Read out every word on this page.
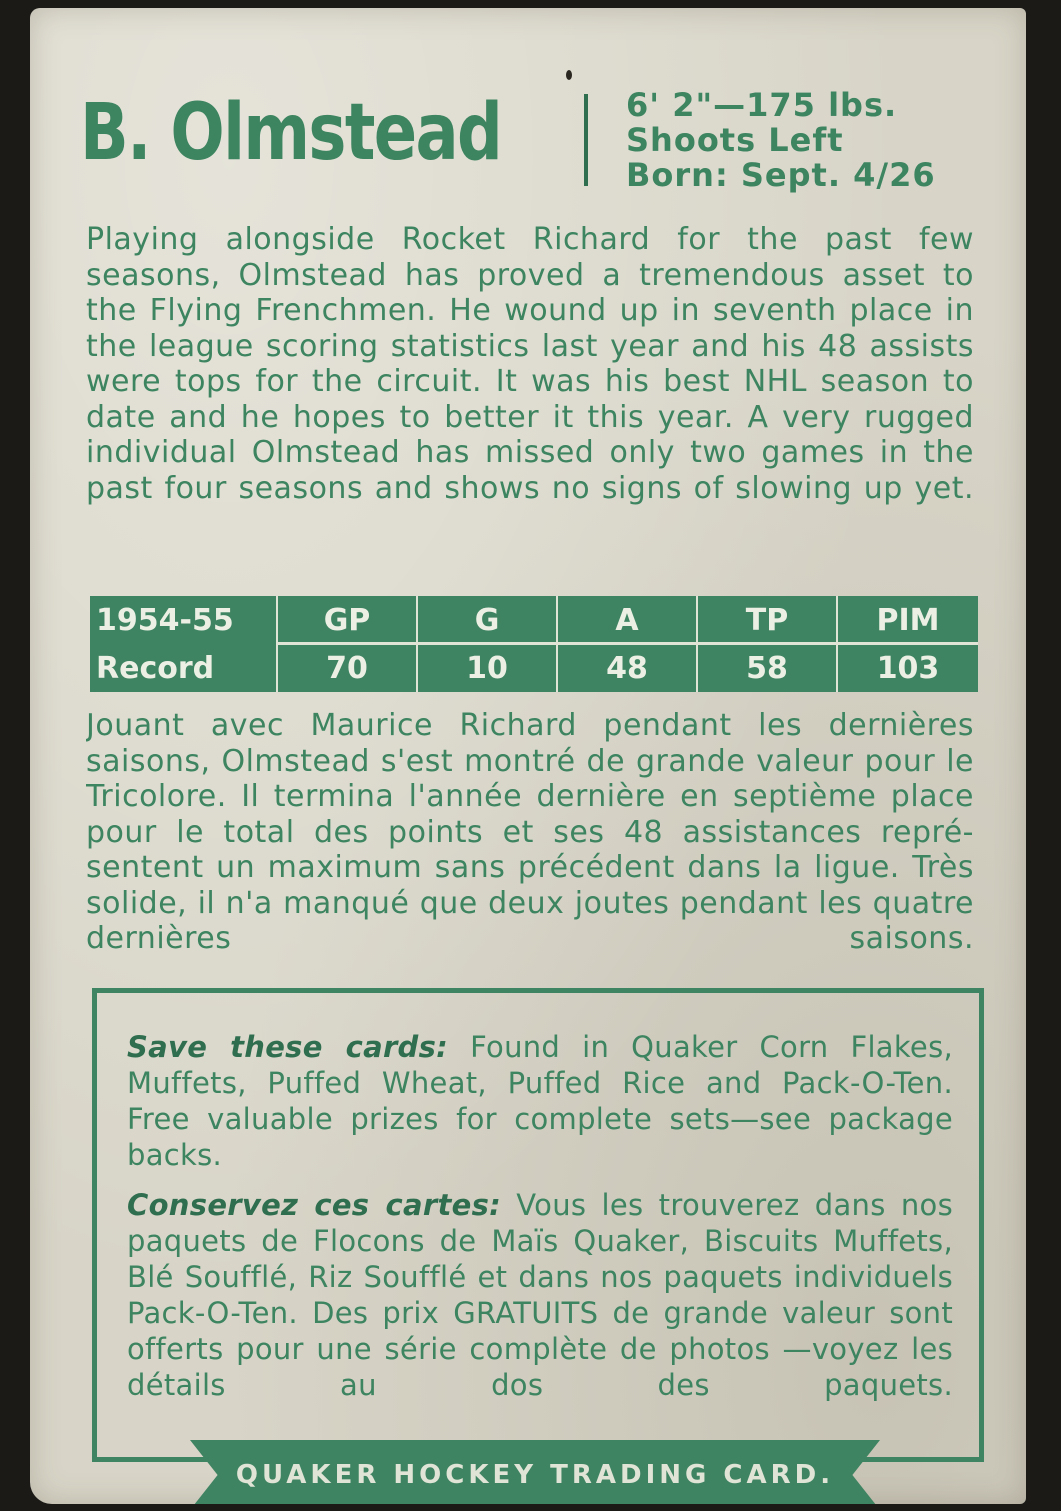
B. Olmstead	6' 2"—175 lbs.
Shoots Left
Born: Sept. 4/26
Playing alongside Rocket Richard for the past few seasons, Olmstead has proved a tremendous asset to the Flying Frenchmen. He wound up in seventh place in the league scoring statistics last year and his 48 assists were tops for the circuit. It was his best NHL season to date and he hopes to better it this year. A very rugged individual Olmstead has missed only two games in the past four seasons and shows no signs of slowing up yet.
1954-55	GP	G	A	TP	PIM
Record	70	10	48	58	103
Jouant avec Maurice Richard pendant les dernières saisons, Olmstead s'est montré de grande valeur pour le Tricolore. Il termina l'année dernière en septième place pour le total des points et ses 48 assistances repré- sentent un maximum sans précédent dans la ligue. Très solide, il n'a manqué que deux joutes pendant les quatre dernières saisons.
Save these cards: Found in Quaker Corn Flakes, Muffets, Puffed Wheat, Puffed Rice and Pack-O-Ten. Free valuable prizes for complete sets—see package backs.
Conservez ces cartes: Vous les trouverez dans nos paquets de Flocons de Maïs Quaker, Biscuits Muffets, Blé Soufflé, Riz Soufflé et dans nos paquets individuels Pack-O-Ten. Des prix GRATUITS de grande valeur sont offerts pour une série complète de photos —voyez les détails au dos des paquets.
QUAKER HOCKEY TRADING CARD.
